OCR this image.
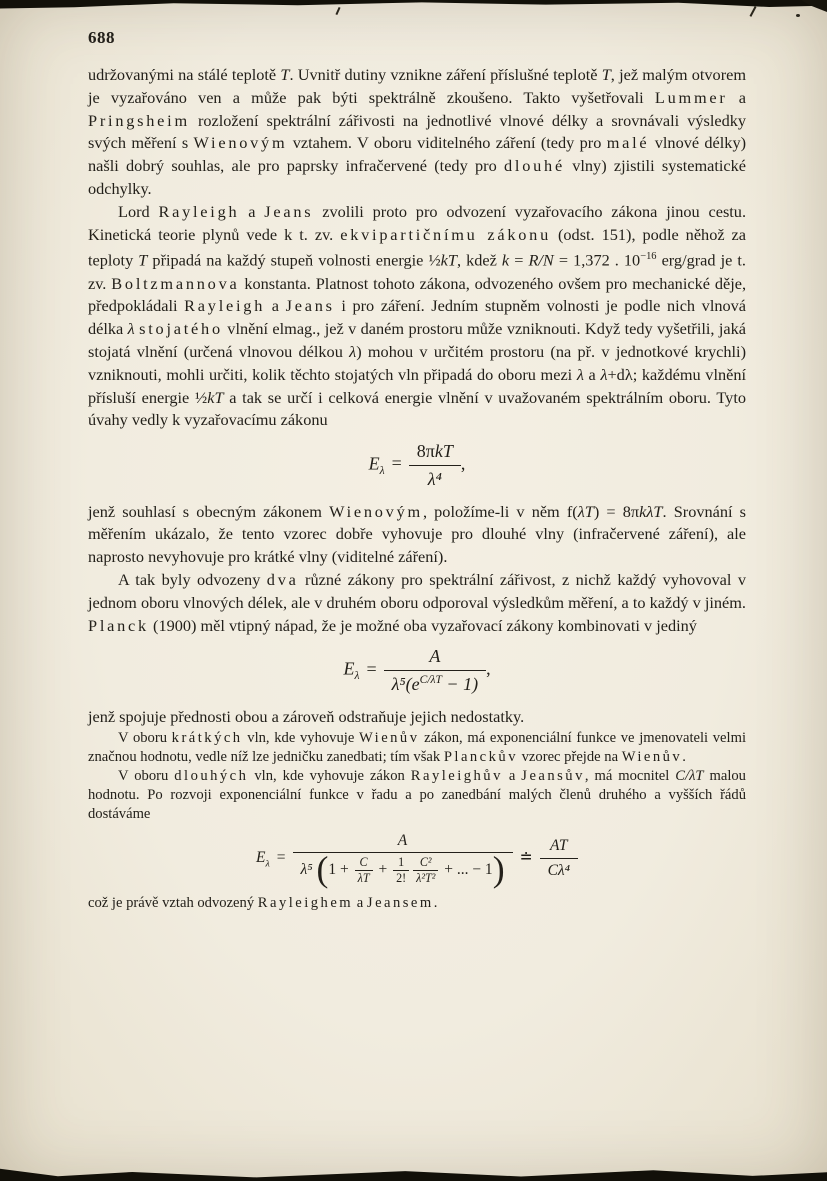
688

udržovanými na stálé teplotě T. Uvnitř dutiny vznikne záření příslušné teplotě T, jež malým otvorem je vyzařováno ven a může pak býti spektrálně zkoušeno. Takto vyšetřovali Lummer a Pringsheim rozložení spektrální zářivosti na jednotlivé vlnové délky a srovnávali výsledky svých měření s Wienovým vztahem. V oboru viditelného záření (tedy pro malé vlnové délky) našli dobrý souhlas, ale pro paprsky infračervené (tedy pro dlouhé vlny) zjistili systematické odchylky.

Lord Rayleigh a Jeans zvolili proto pro odvození vyzařovacího zákona jinou cestu. Kinetická teorie plynů vede k t. zv. ekvipartičnímu zákonu (odst. 151), podle něhož za teploty T připadá na každý stupeň volnosti energie ½kT, kdež k = R/N = 1,372 . $10^{-16}$ erg/grad je t. zv. Boltzmannova konstanta. Platnost tohoto zákona, odvozeného ovšem pro mechanické děje, předpokládali Rayleigh a Jeans i pro záření. Jedním stupněm volnosti je podle nich vlnová délka λ stojatého vlnění elmag., jež v daném prostoru může vzniknouti. Když tedy vyšetřili, jaká stojatá vlnění (určená vlnovou délkou λ) mohou v určitém prostoru (na př. v jednotkové krychli) vzniknouti, mohli určiti, kolik těchto stojatých vln připadá do oboru mezi λ a λ+dλ; každému vlnění přísluší energie ½kT a tak se určí i celková energie vlnění v uvažovaném spektrálním oboru. Tyto úvahy vedly k vyzařovacímu zákonu

$E_\lambda$ =
8πkT
λ⁴
,

jenž souhlasí s obecným zákonem Wienovým, položíme-li v něm f(λT) = 8πkλT. Srovnání s měřením ukázalo, že tento vzorec dobře vyhovuje pro dlouhé vlny (infračervené záření), ale naprosto nevyhovuje pro krátké vlny (viditelné záření).

A tak byly odvozeny dva různé zákony pro spektrální zářivost, z nichž každý vyhovoval v jednom oboru vlnových délek, ale v druhém oboru odporoval výsledkům měření, a to každý v jiném. Planck (1900) měl vtipný nápad, že je možné oba vyzařovací zákony kombinovati v jediný

$E_\lambda = \frac{A}{\lambda^5(e^{C/\lambda T} - 1)}$ ,

jenž spojuje přednosti obou a zároveň odstraňuje jejich nedostatky.

V oboru krátkých vln, kde vyhovuje Wienův zákon, má exponenciální funkce ve jmenovateli velmi značnou hodnotu, vedle níž lze jedničku zanedbati; tím však Planckův vzorec přejde na Wienův.

V oboru dlouhých vln, kde vyhovuje zákon Rayleighův a Jeansův, má mocnitel C/λT malou hodnotu. Po rozvoji exponenciální funkce v řadu a po zanedbání malých členů druhého a vyšších řádů dostáváme

$E_\lambda$ =
A
λ⁵ ($1 + \frac{C}{\lambda T} + \frac{1}{2!} \frac{\text{C²}}{\text{λ²T²}}$ + ... − 1) ≐ $\frac{AT}{\text{Cλ⁴}}$

což je právě vztah odvozený Rayleighem a Jeansem.
